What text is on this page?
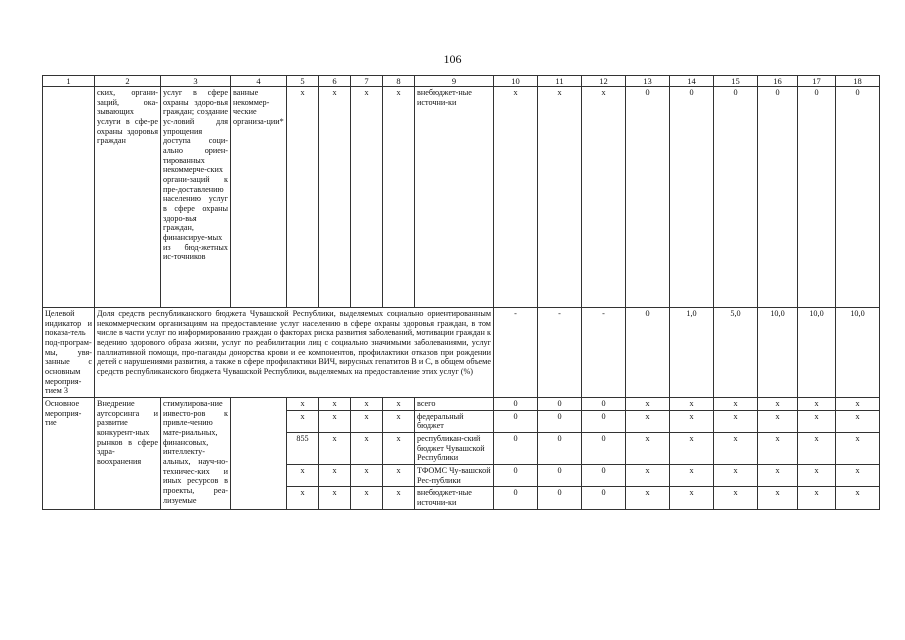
106
1	2	3	4	5	6	7	8	9	10	11	12	13	14	15	16	17	18
	ских, органи-заций, ока-зывающих услуги в сфе-ре охраны здоровья граждан	услуг в сфере охраны здоро-вья граждан; создание ус-ловий для упрощения доступа соци-ально ориен-тированных некоммерче-ских органи-заций к пре-доставлению населению услуг в сфере охраны здоро-вья граждан, финансируе-мых из бюд-жетных ис-точников	ванные некоммер-ческие организа-ции*	x	x	x	x	внебюджет-ные источни-ки	x	x	x	0	0	0	0	0	0
Целевой индикатор и показа-тель под-програм-мы, увя-занные с основным мероприя-тием 3	Доля средств республиканского бюджета Чувашской Республики, выделяемых социально ориентированным некоммерческим организациям на предоставление услуг населению в сфере охраны здоровья граждан, в том числе в части услуг по информированию граждан о факторах риска развития заболеваний, мотивации граждан к ведению здорового образа жизни, услуг по реабилитации лиц с социально значимыми заболеваниями, услуг паллиативной помощи, про-паганды донорства крови и ее компонентов, профилактики отказов при рождении детей с нарушениями развития, а также в сфере профилактики ВИЧ, вирусных гепатитов B и C, в общем объеме средств республиканского бюджета Чувашской Республики, выделяемых на предоставление этих услуг (%)								-	-	-	0	1,0	5,0	10,0	10,0	10,0
Основное мероприя-тие	Внедрение аутсорсинга и развитие конкурент-ных рынков в сфере здра-воохранения	стимулирова-ние инвесто-ров к привле-чению мате-риальных, финансовых, интеллекту-альных, науч-но-техничес-ких и иных ресурсов в проекты, реа-лизуемые		x	x	x	x	всего	0	0	0	x	x	x	x	x	x
				x	x	x	x	федеральный бюджет	0	0	0	x	x	x	x	x	x
				855	x	x	x	республикан-ский бюджет Чувашской Республики	0	0	0	x	x	x	x	x	x
				x	x	x	x	ТФОМС Чу-вашской Рес-публики	0	0	0	x	x	x	x	x	x
				x	x	x	x	внебюджет-ные источни-ки	0	0	0	x	x	x	x	x	x
